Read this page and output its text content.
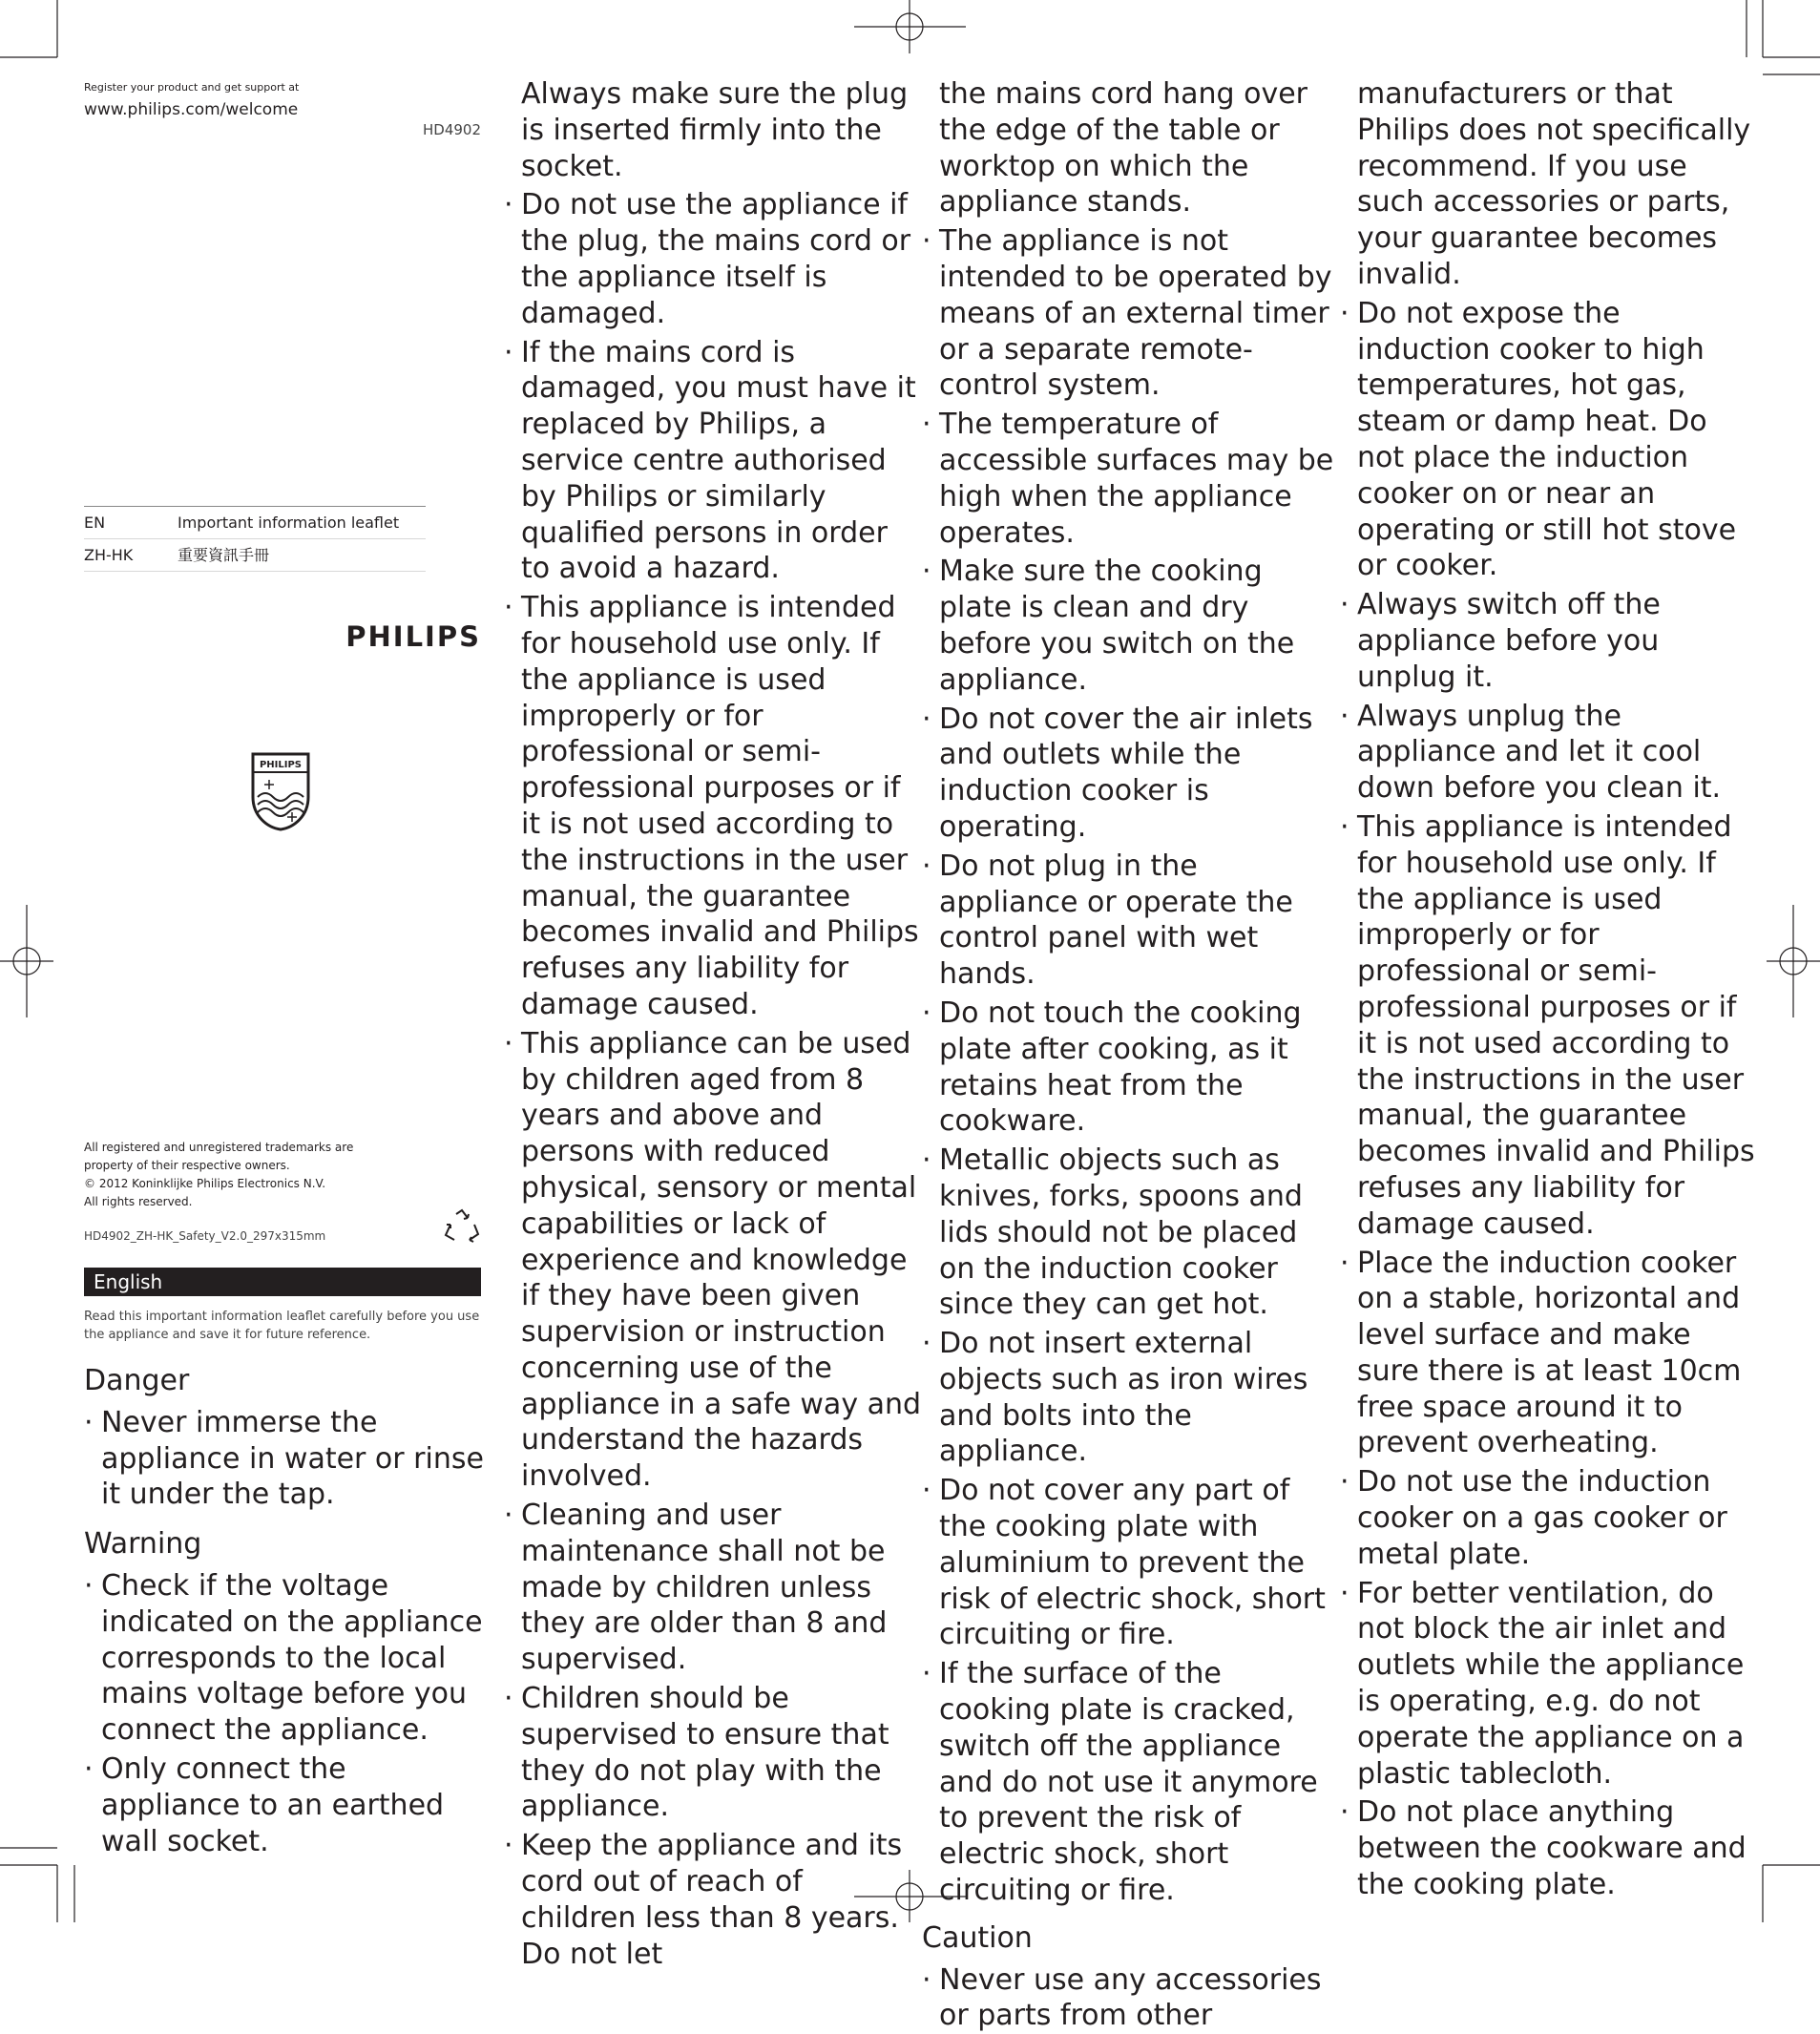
Register your product and get support at
www.philips.com/welcome
HD4902
EN	Important information leaflet
ZH-HK	重要資訊手冊
PHILIPS
PHILIPS
All registered and unregistered trademarks are
property of their respective owners.
© 2012 Koninklijke Philips Electronics N.V.
All rights reserved.
HD4902_ZH-HK_Safety_V2.0_297x315mm
English
Read this important information leaflet carefully before you use the appliance and save it for future reference.
Danger
· Never immerse the appliance in water or rinse it under the tap.
Warning
· Check if the voltage indicated on the appliance corresponds to the local mains voltage before you connect the appliance.
· Only connect the appliance to an earthed wall socket.
Always make sure the plug is inserted firmly into the socket.
· Do not use the appliance if the plug, the mains cord or the appliance itself is damaged.
· If the mains cord is damaged, you must have it replaced by Philips, a service centre authorised by Philips or similarly qualified persons in order to avoid a hazard.
· This appliance is intended for household use only. If the appliance is used improperly or for professional or semi-professional purposes or if it is not used according to the instructions in the user manual, the guarantee becomes invalid and Philips refuses any liability for damage caused.
· This appliance can be used by children aged from 8 years and above and persons with reduced physical, sensory or mental capabilities or lack of experience and knowledge if they have been given supervision or instruction concerning use of the appliance in a safe way and understand the hazards involved.
· Cleaning and user maintenance shall not be made by children unless they are older than 8 and supervised.
· Children should be supervised to ensure that they do not play with the appliance.
· Keep the appliance and its cord out of reach of children less than 8 years. Do not let
the mains cord hang over the edge of the table or worktop on which the appliance stands.
· The appliance is not intended to be operated by means of an external timer or a separate remote-control system.
· The temperature of accessible surfaces may be high when the appliance operates.
· Make sure the cooking plate is clean and dry before you switch on the appliance.
· Do not cover the air inlets and outlets while the induction cooker is operating.
· Do not plug in the appliance or operate the control panel with wet hands.
· Do not touch the cooking plate after cooking, as it retains heat from the cookware.
· Metallic objects such as knives, forks, spoons and lids should not be placed on the induction cooker since they can get hot.
· Do not insert external objects such as iron wires and bolts into the appliance.
· Do not cover any part of the cooking plate with aluminium to prevent the risk of electric shock, short circuiting or fire.
· If the surface of the cooking plate is cracked, switch off the appliance and do not use it anymore to prevent the risk of electric shock, short circuiting or fire.
Caution
· Never use any accessories or parts from other
manufacturers or that Philips does not specifically recommend. If you use such accessories or parts, your guarantee becomes invalid.
· Do not expose the induction cooker to high temperatures, hot gas, steam or damp heat. Do not place the induction cooker on or near an operating or still hot stove or cooker.
· Always switch off the appliance before you unplug it.
· Always unplug the appliance and let it cool down before you clean it.
· This appliance is intended for household use only. If the appliance is used improperly or for professional or semi-professional purposes or if it is not used according to the instructions in the user manual, the guarantee becomes invalid and Philips refuses any liability for damage caused.
· Place the induction cooker on a stable, horizontal and level surface and make sure there is at least 10cm free space around it to prevent overheating.
· Do not use the induction cooker on a gas cooker or metal plate.
· For better ventilation, do not block the air inlet and outlets while the appliance is operating, e.g. do not operate the appliance on a plastic tablecloth.
· Do not place anything between the cookware and the cooking plate.
